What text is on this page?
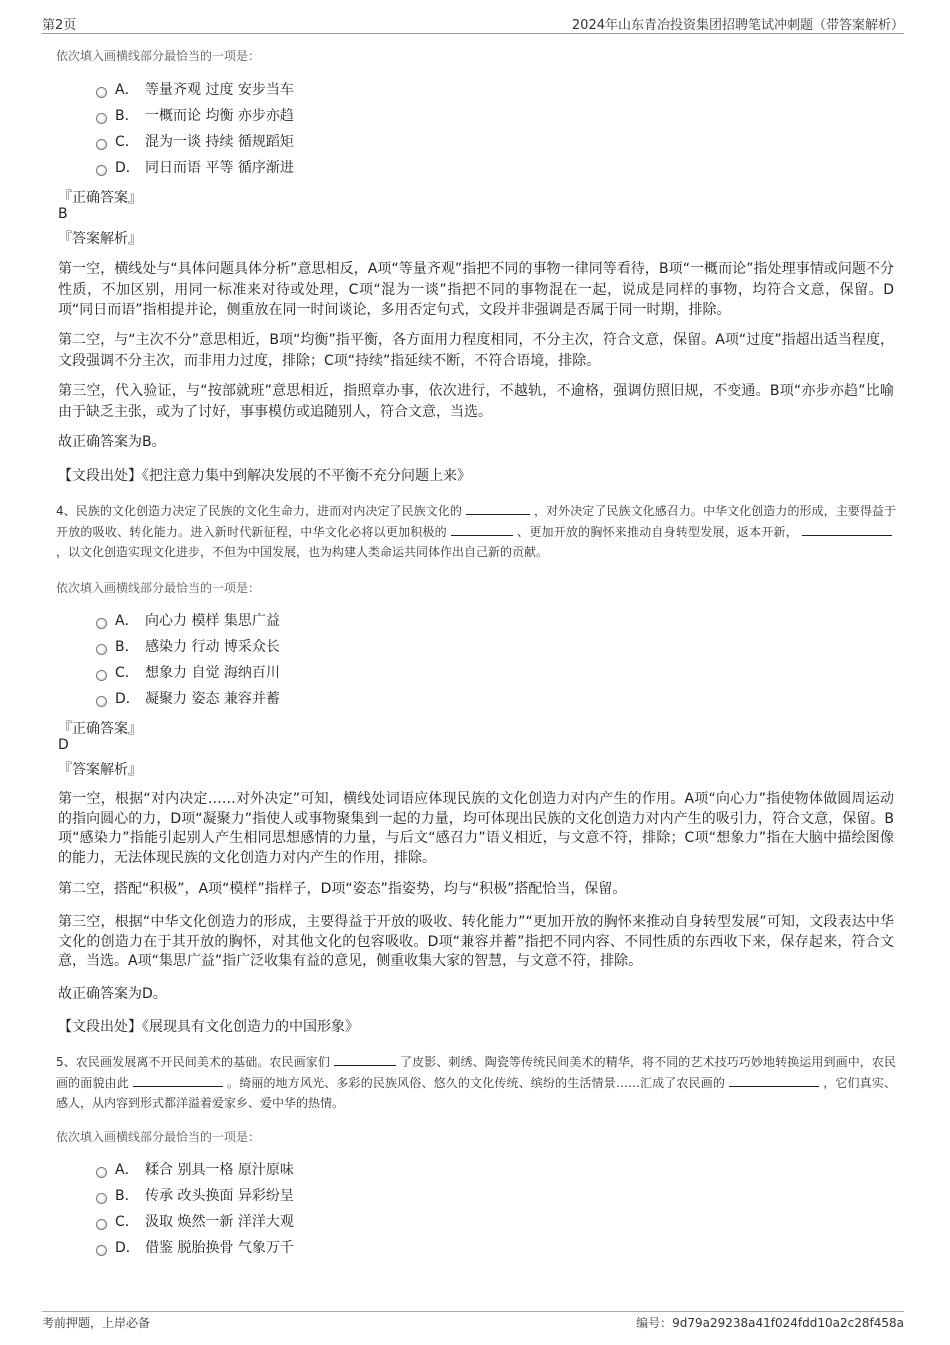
第2页	2024年山东青冶投资集团招聘笔试冲刺题（带答案解析）
依次填入画横线部分最恰当的一项是：
A． 等量齐观 过度 安步当车
B． 一概而论 均衡 亦步亦趋
C． 混为一谈 持续 循规蹈矩
D． 同日而语 平等 循序渐进
『正确答案』
B
『答案解析』
第一空，横线处与“具体问题具体分析”意思相反，A项“等量齐观”指把不同的事物一律同等看待，B项“一概而论”指处理事情或问题不分性质，不加区别，用同一标准来对待或处理，C项“混为一谈”指把不同的事物混在一起，说成是同样的事物，均符合文意，保留。D项“同日而语”指相提并论，侧重放在同一时间谈论，多用否定句式，文段并非强调是否属于同一时期，排除。
第二空，与“主次不分”意思相近，B项“均衡”指平衡，各方面用力程度相同，不分主次，符合文意，保留。A项“过度”指超出适当程度，文段强调不分主次，而非用力过度，排除；C项“持续”指延续不断，不符合语境，排除。
第三空，代入验证，与“按部就班”意思相近，指照章办事，依次进行，不越轨，不逾格，强调仿照旧规，不变通。B项“亦步亦趋”比喻由于缺乏主张，或为了讨好，事事模仿或追随别人，符合文意，当选。
故正确答案为B。
【文段出处】《把注意力集中到解决发展的不平衡不充分问题上来》
4、民族的文化创造力决定了民族的文化生命力，进而对内决定了民族文化的	，对外决定了民族文化感召力。中华文化创造力的形成，主要得益于开放的吸收、转化能力。进入新时代新征程，中华文化必将以更加积极的	、更加开放的胸怀来推动自身转型发展，返本开新，，以文化创造实现文化进步，不但为中国发展，也为构建人类命运共同体作出自己新的贡献。
依次填入画横线部分最恰当的一项是：
A． 向心力 模样 集思广益
B． 感染力 行动 博采众长
C． 想象力 自觉 海纳百川
D． 凝聚力 姿态 兼容并蓄
『正确答案』
D
『答案解析』
第一空，根据“对内决定……对外决定”可知，横线处词语应体现民族的文化创造力对内产生的作用。A项“向心力”指使物体做圆周运动的指向圆心的力，D项“凝聚力”指使人或事物聚集到一起的力量，均可体现出民族的文化创造力对内产生的吸引力，符合文意，保留。B项“感染力”指能引起别人产生相同思想感情的力量，与后文“感召力”语义相近，与文意不符，排除；C项“想象力”指在大脑中描绘图像的能力，无法体现民族的文化创造力对内产生的作用，排除。
第二空，搭配“积极”，A项“模样”指样子，D项“姿态”指姿势，均与“积极”搭配恰当，保留。
第三空，根据“中华文化创造力的形成，主要得益于开放的吸收、转化能力”“更加开放的胸怀来推动自身转型发展”可知，文段表达中华文化的创造力在于其开放的胸怀，对其他文化的包容吸收。D项“兼容并蓄”指把不同内容、不同性质的东西收下来，保存起来，符合文意，当选。A项“集思广益”指广泛收集有益的意见，侧重收集大家的智慧，与文意不符，排除。
故正确答案为D。
【文段出处】《展现具有文化创造力的中国形象》
5、农民画发展离不开民间美术的基础。农民画家们	了皮影、刺绣、陶瓷等传统民间美术的精华，将不同的艺术技巧巧妙地转换运用到画中，农民画的面貌由此	。绮丽的地方风光、多彩的民族风俗、悠久的文化传统、缤纷的生活情景……汇成了农民画的	，它们真实、感人，从内容到形式都洋溢着爱家乡、爱中华的热情。
依次填入画横线部分最恰当的一项是：
A． 糅合 别具一格 原汁原味
B． 传承 改头换面 异彩纷呈
C． 汲取 焕然一新 洋洋大观
D． 借鉴 脱胎换骨 气象万千
考前押题，上岸必备	编号：9d79a29238a41f024fdd10a2c28f458a
